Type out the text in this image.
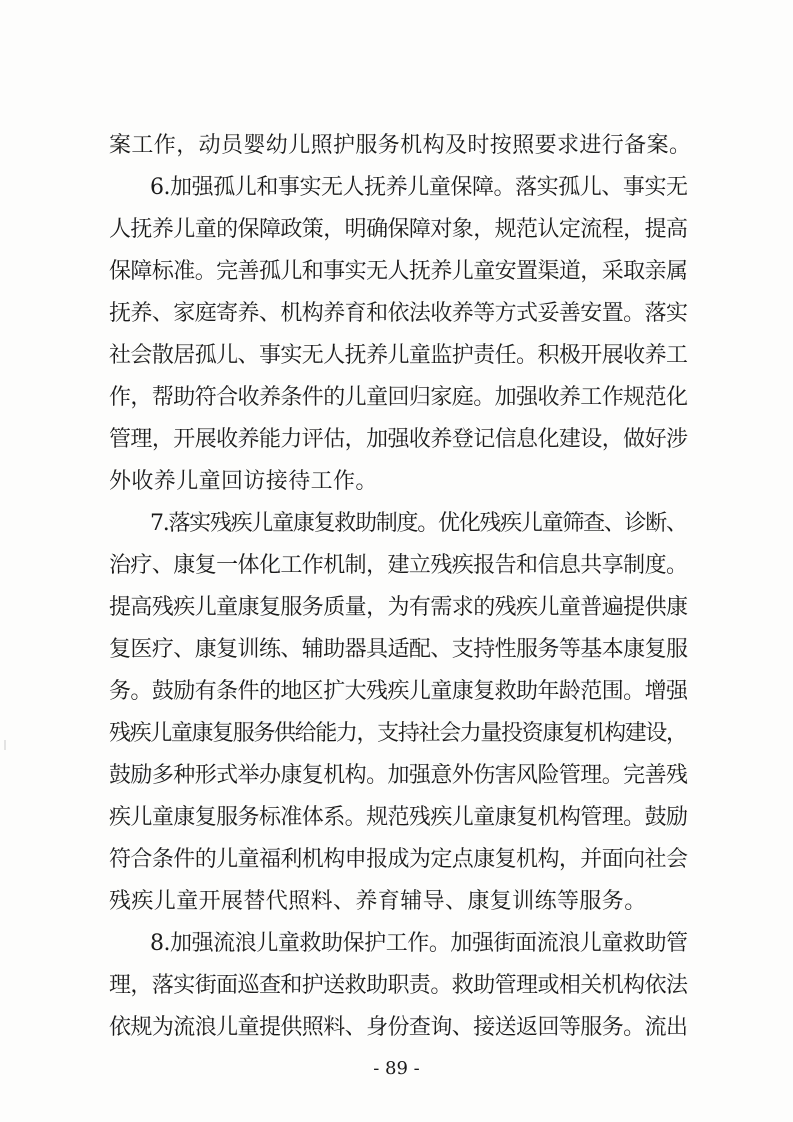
案工作，动员婴幼儿照护服务机构及时按照要求进行备案。
6.加强孤儿和事实无人抚养儿童保障。落实孤儿、事实无
人抚养儿童的保障政策，明确保障对象，规范认定流程，提高
保障标准。完善孤儿和事实无人抚养儿童安置渠道，采取亲属
抚养、家庭寄养、机构养育和依法收养等方式妥善安置。落实
社会散居孤儿、事实无人抚养儿童监护责任。积极开展收养工
作，帮助符合收养条件的儿童回归家庭。加强收养工作规范化
管理，开展收养能力评估，加强收养登记信息化建设，做好涉
外收养儿童回访接待工作。
7.落实残疾儿童康复救助制度。优化残疾儿童筛查、诊断、
治疗、康复一体化工作机制，建立残疾报告和信息共享制度。
提高残疾儿童康复服务质量，为有需求的残疾儿童普遍提供康
复医疗、康复训练、辅助器具适配、支持性服务等基本康复服
务。鼓励有条件的地区扩大残疾儿童康复救助年龄范围。增强
残疾儿童康复服务供给能力，支持社会力量投资康复机构建设，
鼓励多种形式举办康复机构。加强意外伤害风险管理。完善残
疾儿童康复服务标准体系。规范残疾儿童康复机构管理。鼓励
符合条件的儿童福利机构申报成为定点康复机构，并面向社会
残疾儿童开展替代照料、养育辅导、康复训练等服务。
8.加强流浪儿童救助保护工作。加强街面流浪儿童救助管
理，落实街面巡查和护送救助职责。救助管理或相关机构依法
依规为流浪儿童提供照料、身份查询、接送返回等服务。流出
- 89 -
